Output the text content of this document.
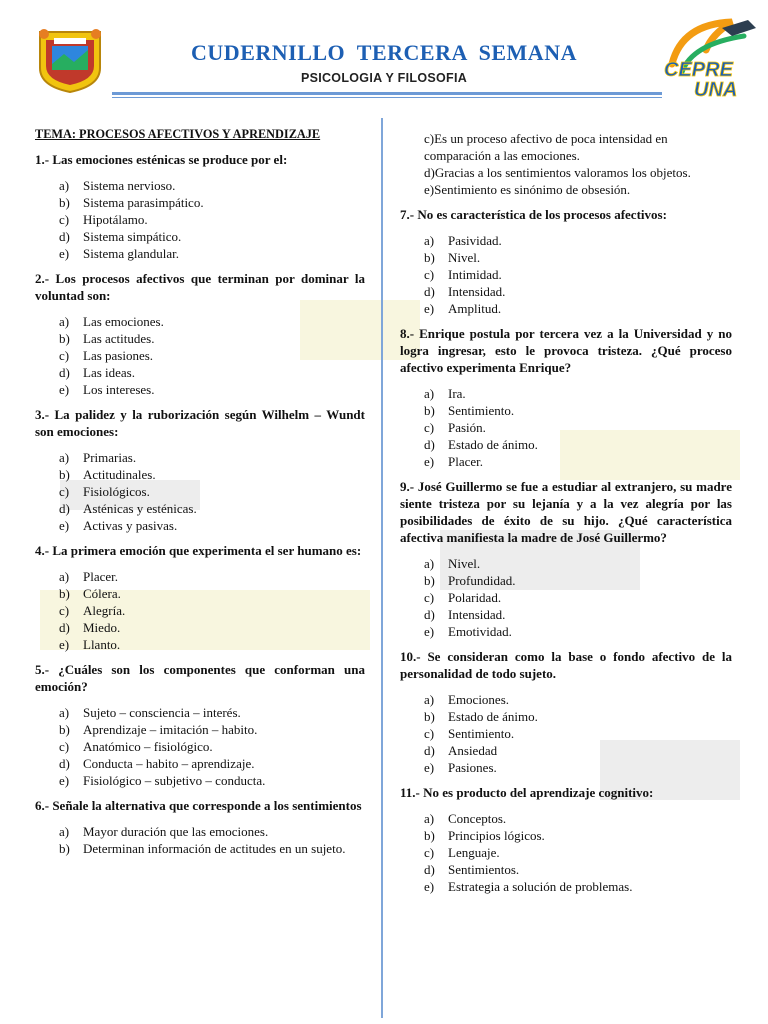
CUDERNILLO TERCERA SEMANA
PSICOLOGIA Y FILOSOFIA	CEPRE
UNA
TEMA: PROCESOS AFECTIVOS Y APRENDIZAJE
1.- Las emociones esténicas se produce por el:
a)	Sistema nervioso.
b)	Sistema parasimpático.
c)	Hipotálamo.
d)	Sistema simpático.
e)	Sistema glandular.
2.- Los procesos afectivos que terminan por dominar la voluntad son:
a)	Las emociones.
b)	Las actitudes.
c)	Las pasiones.
d)	Las ideas.
e)	Los intereses.
3.- La palidez y la ruborización según Wilhelm – Wundt son emociones:
a)	Primarias.
b)	Actitudinales.
c)	Fisiológicos.
d)	Asténicas y esténicas.
e)	Activas y pasivas.
4.- La primera emoción que experimenta el ser humano es:
a)	Placer.
b)	Cólera.
c)	Alegría.
d)	Miedo.
e)	Llanto.
5.- ¿Cuáles son los componentes que conforman una emoción?
a)	Sujeto – consciencia – interés.
b)	Aprendizaje – imitación – habito.
c)	Anatómico – fisiológico.
d)	Conducta – habito – aprendizaje.
e)	Fisiológico – subjetivo – conducta.
6.- Señale la alternativa que corresponde a los sentimientos
a)	Mayor duración que las emociones.
b)	Determinan información de actitudes en un sujeto.
c)Es un proceso afectivo de poca intensidad en comparación a las emociones.
d)Gracias a los sentimientos valoramos los objetos.
e)Sentimiento es sinónimo de obsesión.
7.- No es característica de los procesos afectivos:
a)	Pasividad.
b)	Nivel.
c)	Intimidad.
d)	Intensidad.
e)	Amplitud.
8.- Enrique postula por tercera vez a la Universidad y no logra ingresar, esto le provoca tristeza. ¿Qué proceso afectivo experimenta Enrique?
a)	Ira.
b)	Sentimiento.
c)	Pasión.
d)	Estado de ánimo.
e)	Placer.
9.- José Guillermo se fue a estudiar al extranjero, su madre siente tristeza por su lejanía y a la vez alegría por las posibilidades de éxito de su hijo. ¿Qué característica afectiva manifiesta la madre de José Guillermo?
a)	Nivel.
b)	Profundidad.
c)	Polaridad.
d)	Intensidad.
e)	Emotividad.
10.- Se consideran como la base o fondo afectivo de la personalidad de todo sujeto.
a)	Emociones.
b)	Estado de ánimo.
c)	Sentimiento.
d)	Ansiedad
e)	Pasiones.
11.- No es producto del aprendizaje cognitivo:
a)	Conceptos.
b)	Principios lógicos.
c)	Lenguaje.
d)	Sentimientos.
e)	Estrategia a solución de problemas.
